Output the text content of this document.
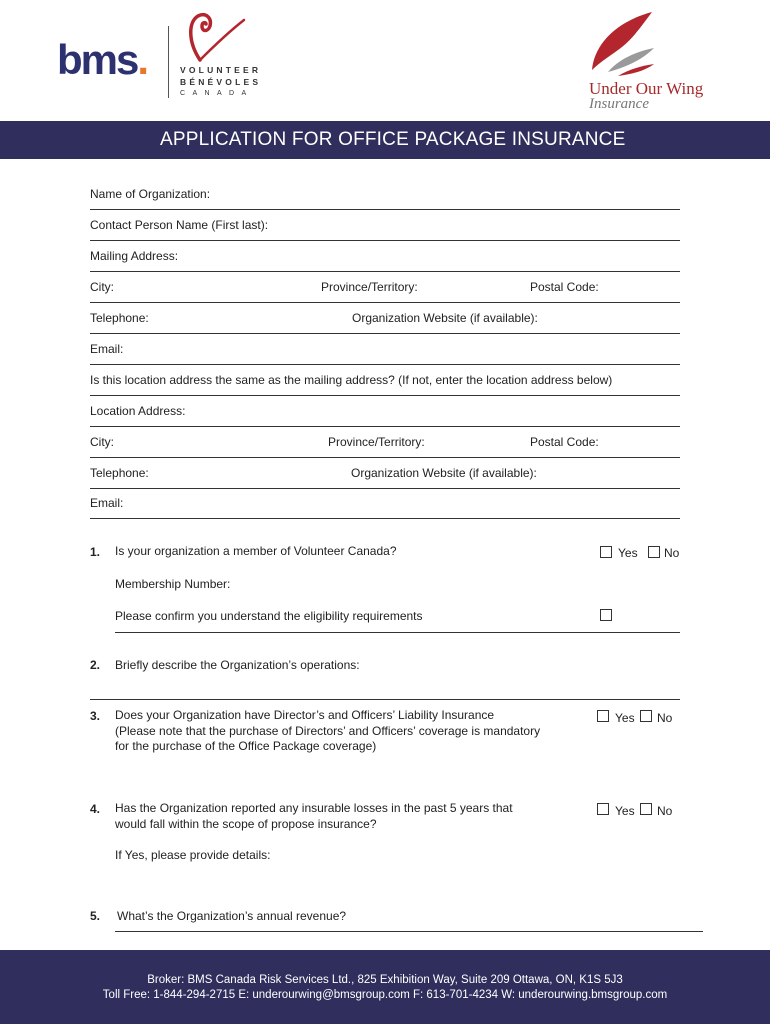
bms.	VOLUNTEER
BÉNÉVOLES
CANADA	Under Our Wing
Insurance
APPLICATION FOR OFFICE PACKAGE INSURANCE
Name of Organization:
Contact Person Name (First last):
Mailing Address:
City:	Province/Territory:	Postal Code:
Telephone:	Organization Website (if available):
Email:
Is this location address the same as the mailing address? (If not, enter the location address below)
Location Address:
City:	Province/Territory:	Postal Code:
Telephone:	Organization Website (if available):
Email:
1. Is your organization a member of Volunteer Canada?	Yes No
Membership Number:
Please confirm you understand the eligibility requirements
2. Briefly describe the Organization’s operations:
3. Does your Organization have Director’s and Officers’ Liability Insurance
(Please note that the purchase of Directors’ and Officers’ coverage is mandatory
for the purchase of the Office Package coverage)
Yes No
4. Has the Organization reported any insurable losses in the past 5 years that
would fall within the scope of propose insurance?
Yes No
If Yes, please provide details:
5. What’s the Organization’s annual revenue?
Broker: BMS Canada Risk Services Ltd., 825 Exhibition Way, Suite 209 Ottawa, ON, K1S 5J3
Toll Free: 1-844-294-2715 E: underourwing@bmsgroup.com F: 613-701-4234 W: underourwing.bmsgroup.com
